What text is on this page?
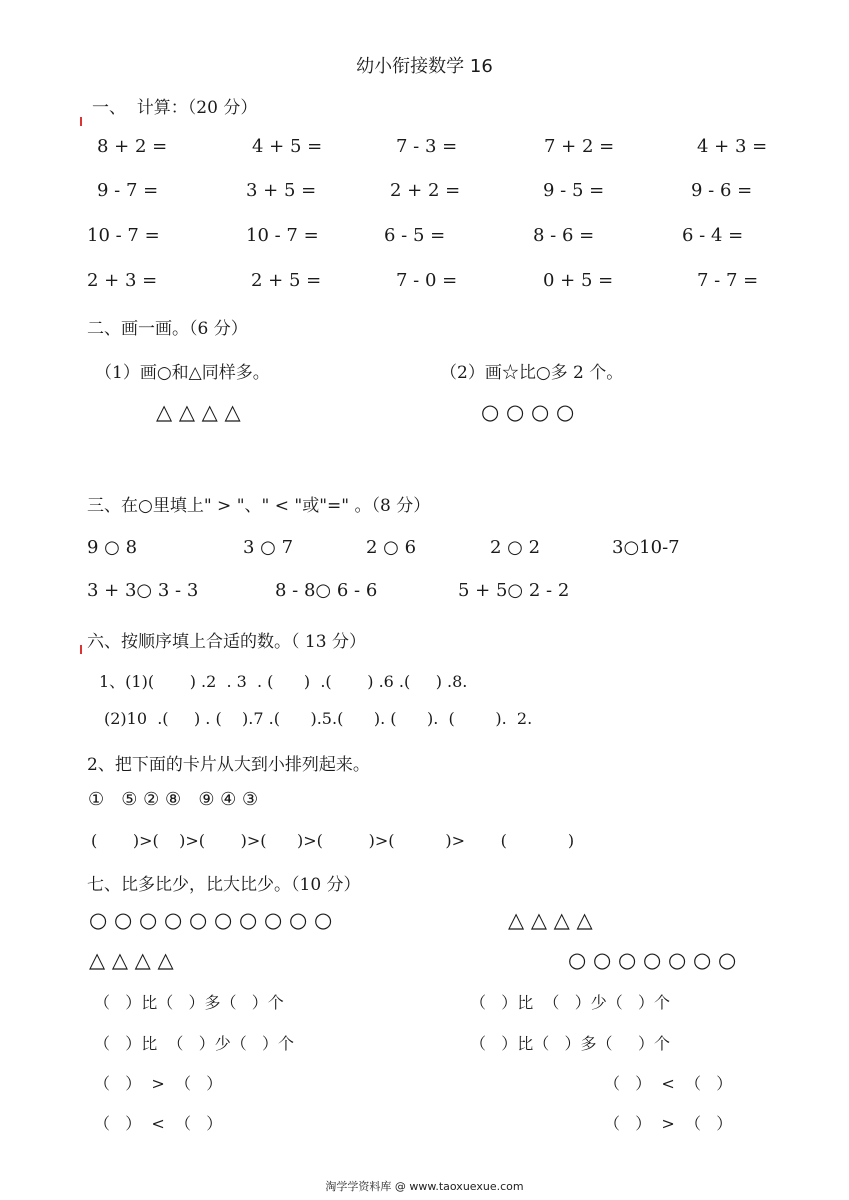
幼小衔接数学 16
一、  计算：（20 分）
8 + 2 =	4 + 5 =	7 - 3 =	7 + 2 =	4 + 3 =
9 - 7 =	3 + 5 =	2 + 2 =	9 - 5 =	9 - 6 =
10 - 7 =	10 - 7 =	6 - 5 =	8 - 6 =	6 - 4 =
2 + 3 =	2 + 5 =	7 - 0 =	0 + 5 =	7 - 7 =
二、画一画。（6 分）
（1）画○和△同样多。	（2）画☆比○多 2 个。
△ △ △ △	○ ○ ○ ○
三、在○里填上" > "、" < "或"=" 。（8 分）
9 ○ 8	3 ○ 7	2 ○ 6	2 ○ 2	3○10-7
3 + 3○ 3 - 3	8 - 8○ 6 - 6	5 + 5○ 2 - 2
六、按顺序填上合适的数。（ 13 分）
1、(1)(       ) .2  . 3  . (      )  .(       ) .6 .(     ) .8.
(2)10  .(     ) . (    ).7 .(      ).5.(      ). (      ).  (        ).  2.
2、把下面的卡片从大到小排列起来。
①   ⑤ ② ⑧   ⑨ ④ ③
(       )>(    )>(       )>(      )>(         )>(          )>       (            )
七、比多比少，比大比少。（10 分）
○ ○ ○ ○ ○ ○ ○ ○ ○ ○	△ △ △ △
△ △ △ △	○ ○ ○ ○ ○ ○ ○
（   ）比（   ）多（   ）个	（   ）比  （   ）少（   ）个
（   ）比  （   ）少（   ）个	（   ）比（   ）多（     ）个
（   ）  >  （   ）	（   ）  <  （   ）
（   ）  <  （   ）	（   ）  >  （   ）
淘学学资料库 @ www.taoxuexue.com
